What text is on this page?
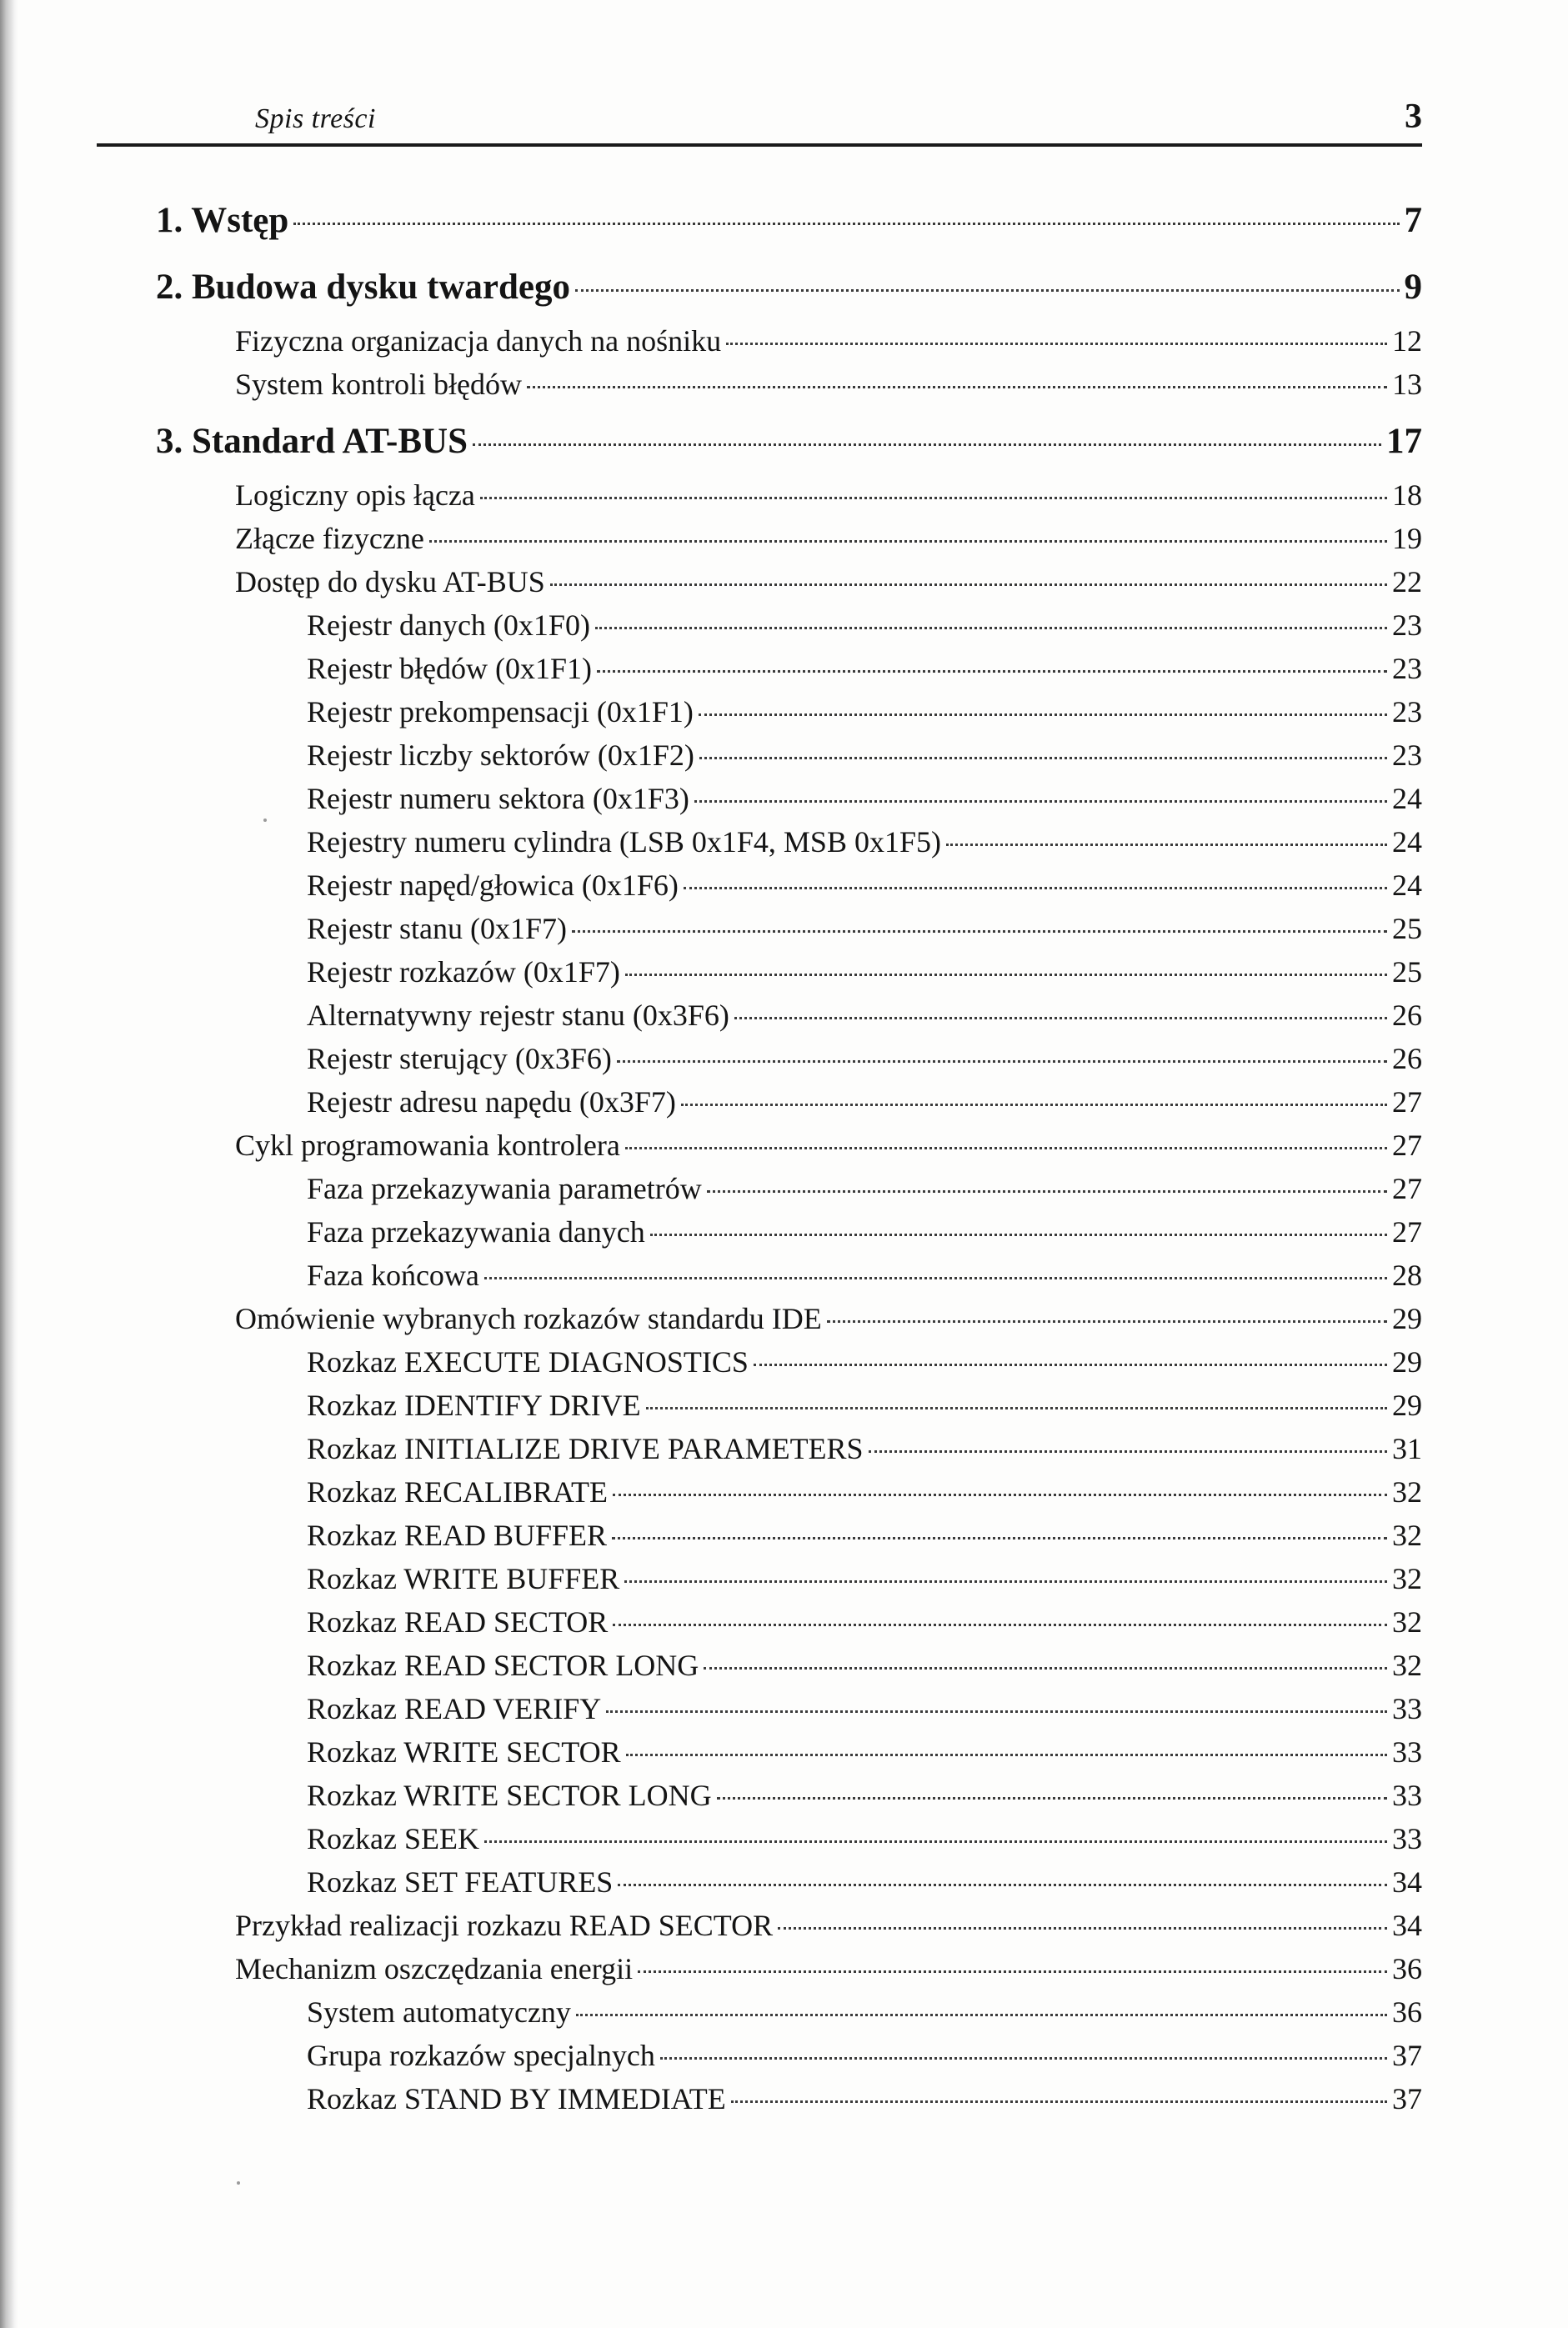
Spis treści	3
1. Wstęp	7
2. Budowa dysku twardego	9
Fizyczna organizacja danych na nośniku	12
System kontroli błędów	13
3. Standard AT-BUS	17
Logiczny opis łącza	18
Złącze fizyczne	19
Dostęp do dysku AT-BUS	22
Rejestr danych (0x1F0)	23
Rejestr błędów (0x1F1)	23
Rejestr prekompensacji (0x1F1)	23
Rejestr liczby sektorów (0x1F2)	23
Rejestr numeru sektora (0x1F3)	24
Rejestry numeru cylindra (LSB 0x1F4, MSB 0x1F5)	24
Rejestr napęd/głowica (0x1F6)	24
Rejestr stanu (0x1F7)	25
Rejestr rozkazów (0x1F7)	25
Alternatywny rejestr stanu (0x3F6)	26
Rejestr sterujący (0x3F6)	26
Rejestr adresu napędu (0x3F7)	27
Cykl programowania kontrolera	27
Faza przekazywania parametrów	27
Faza przekazywania danych	27
Faza końcowa	28
Omówienie wybranych rozkazów standardu IDE	29
Rozkaz EXECUTE DIAGNOSTICS	29
Rozkaz IDENTIFY DRIVE	29
Rozkaz INITIALIZE DRIVE PARAMETERS	31
Rozkaz RECALIBRATE	32
Rozkaz READ BUFFER	32
Rozkaz WRITE BUFFER	32
Rozkaz READ SECTOR	32
Rozkaz READ SECTOR LONG	32
Rozkaz READ VERIFY	33
Rozkaz WRITE SECTOR	33
Rozkaz WRITE SECTOR LONG	33
Rozkaz SEEK	33
Rozkaz SET FEATURES	34
Przykład realizacji rozkazu READ SECTOR	34
Mechanizm oszczędzania energii	36
System automatyczny	36
Grupa rozkazów specjalnych	37
Rozkaz STAND BY IMMEDIATE	37
